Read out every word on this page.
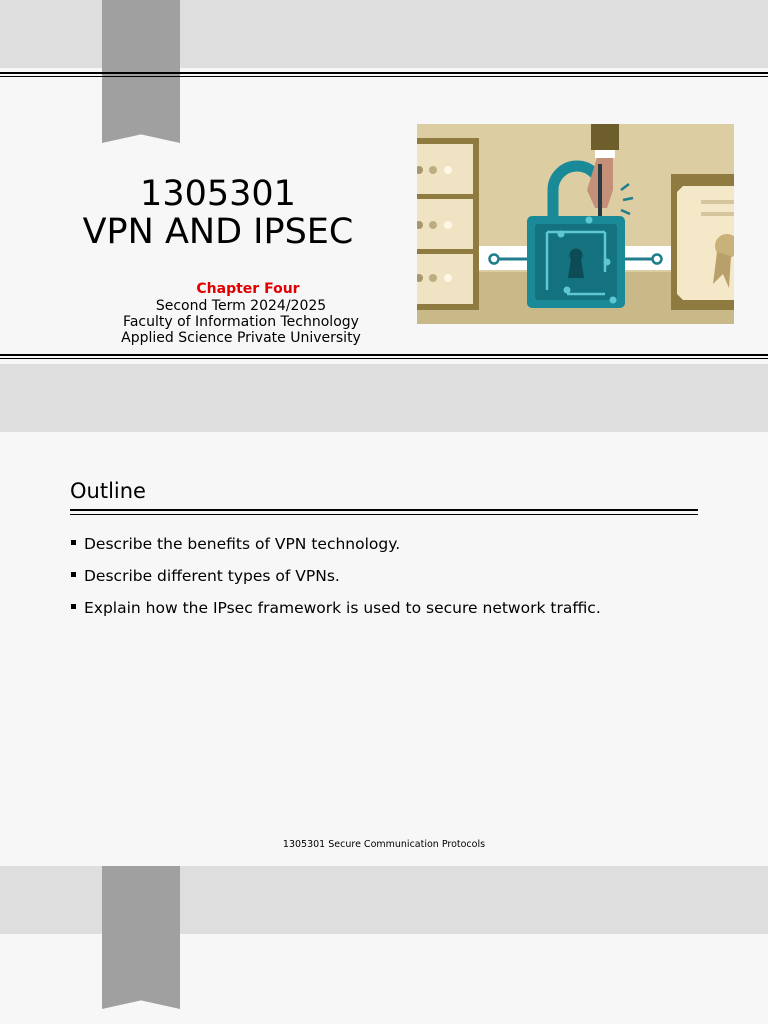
1305301
VPN AND IPSEC
Chapter Four
Second Term 2024/2025
Faculty of Information Technology
Applied Science Private University
Outline
Describe the benefits of VPN technology.
Describe different types of VPNs.
Explain how the IPsec framework is used to secure network traffic.
1305301 Secure Communication Protocols
